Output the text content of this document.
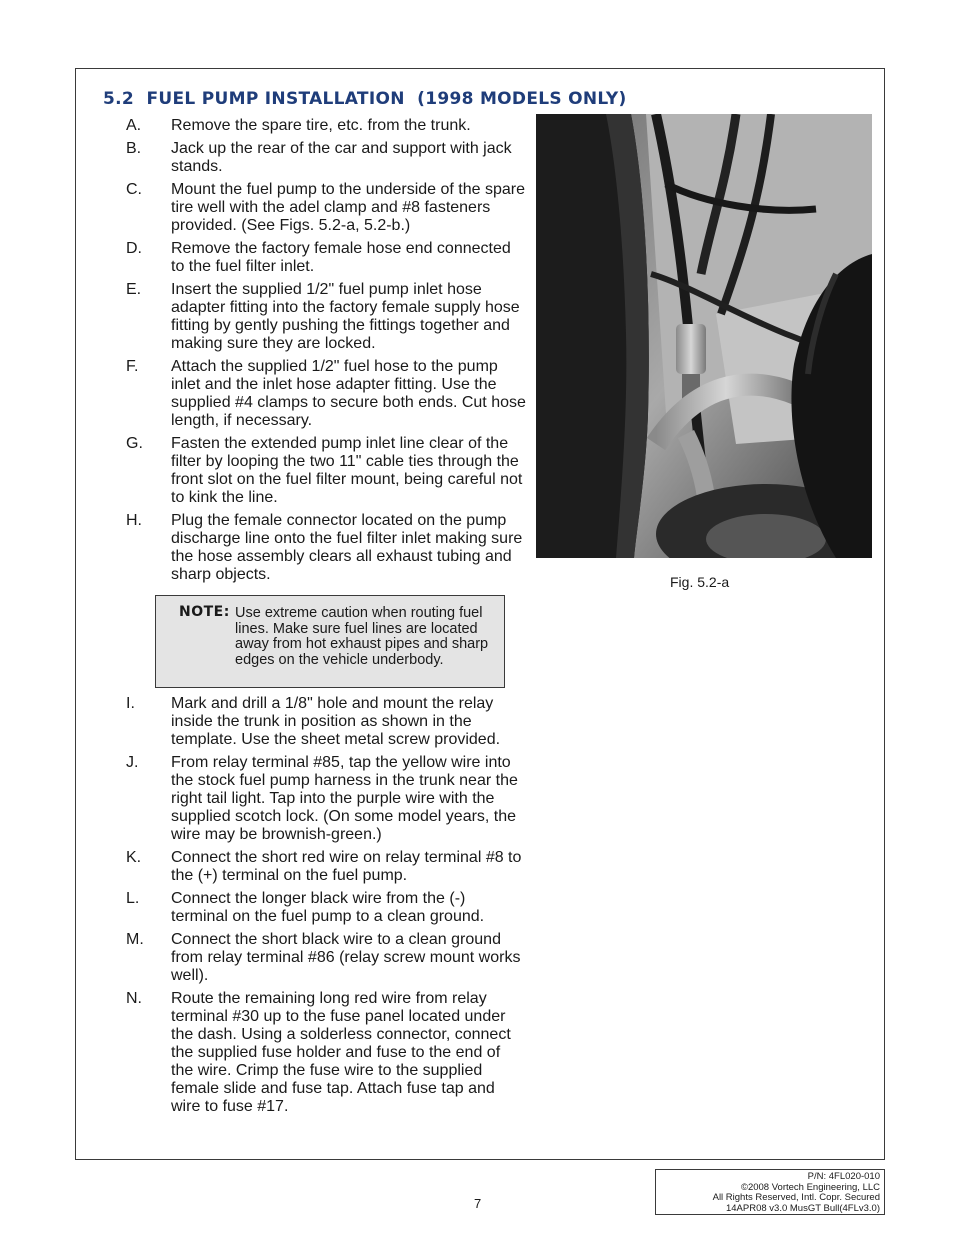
5.2  FUEL PUMP INSTALLATION  (1998 MODELS ONLY)
A. Remove the spare tire, etc. from the trunk.
B. Jack up the rear of the car and support with jack stands.
C. Mount the fuel pump to the underside of the spare tire well with the adel clamp and #8 fasteners provided. (See Figs. 5.2-a, 5.2-b.)
D. Remove the factory female hose end connected to the fuel filter inlet.
E. Insert the supplied 1/2" fuel pump inlet hose adapter fitting into the factory female supply hose fitting by gently pushing the fittings together and making sure they are locked.
F. Attach the supplied 1/2" fuel hose to the pump inlet and the inlet hose adapter fitting. Use the supplied #4 clamps to secure both ends. Cut hose length, if necessary.
G. Fasten the extended pump inlet line clear of the filter by looping the two 11" cable ties through the front slot on the fuel filter mount, being careful not to kink the line.
H. Plug the female connector located on the pump discharge line onto the fuel filter inlet making sure the hose assembly clears all exhaust tubing and sharp objects.
NOTE: Use extreme caution when routing fuel lines. Make sure fuel lines are located away from hot exhaust pipes and sharp edges on the vehicle underbody.
I. Mark and drill a 1/8" hole and mount the relay inside the trunk in position as shown in the template. Use the sheet metal screw provided.
J. From relay terminal #85, tap the yellow wire into the stock fuel pump harness in the trunk near the right tail light. Tap into the purple wire with the supplied scotch lock. (On some model years, the wire may be brownish-green.)
K. Connect the short red wire on relay terminal #8 to the (+) terminal on the fuel pump.
L. Connect the longer black wire from the (-) terminal on the fuel pump to a clean ground.
M. Connect the short black wire to a clean ground from relay terminal #86 (relay screw mount works well).
N. Route the remaining long red wire from relay terminal #30 up to the fuse panel located under the dash. Using a solderless connector, connect the supplied fuse holder and fuse to the end of the wire. Crimp the fuse wire to the supplied female slide and fuse tap. Attach fuse tap and wire to fuse #17.
Fig. 5.2-a
7
P/N: 4FL020-010
©2008 Vortech Engineering, LLC
All Rights Reserved, Intl. Copr. Secured
14APR08 v3.0 MusGT Bull(4FLv3.0)
